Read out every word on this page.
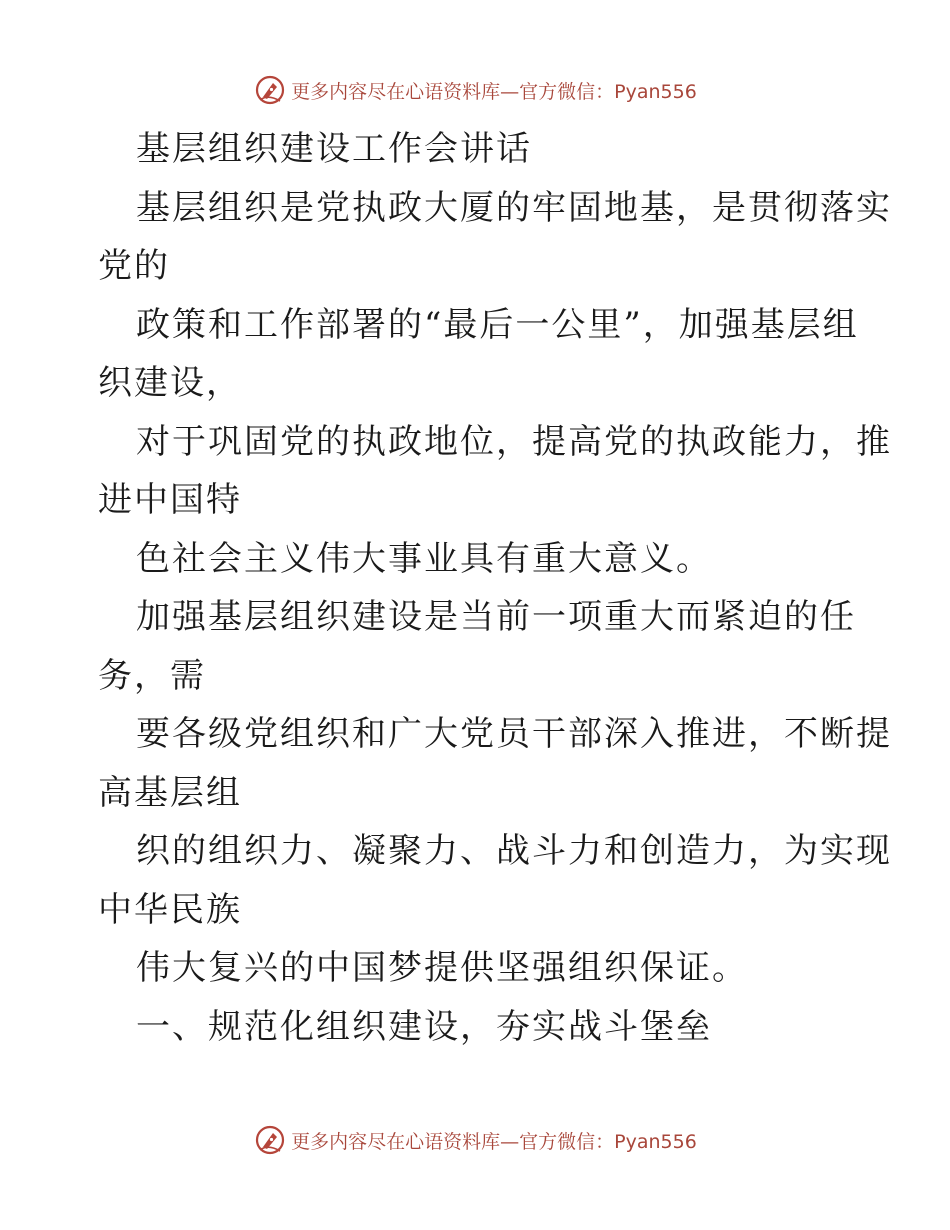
更多内容尽在心语资料库—官方微信：Pyan556
基层组织建设工作会讲话
基层组织是党执政大厦的牢固地基，是贯彻落实
党的
政策和工作部署的“最后一公里”，加强基层组
织建设，
对于巩固党的执政地位，提高党的执政能力，推
进中国特
色社会主义伟大事业具有重大意义。
加强基层组织建设是当前一项重大而紧迫的任
务，需
要各级党组织和广大党员干部深入推进，不断提
高基层组
织的组织力、凝聚力、战斗力和创造力，为实现
中华民族
伟大复兴的中国梦提供坚强组织保证。
一、规范化组织建设，夯实战斗堡垒
更多内容尽在心语资料库—官方微信：Pyan556
